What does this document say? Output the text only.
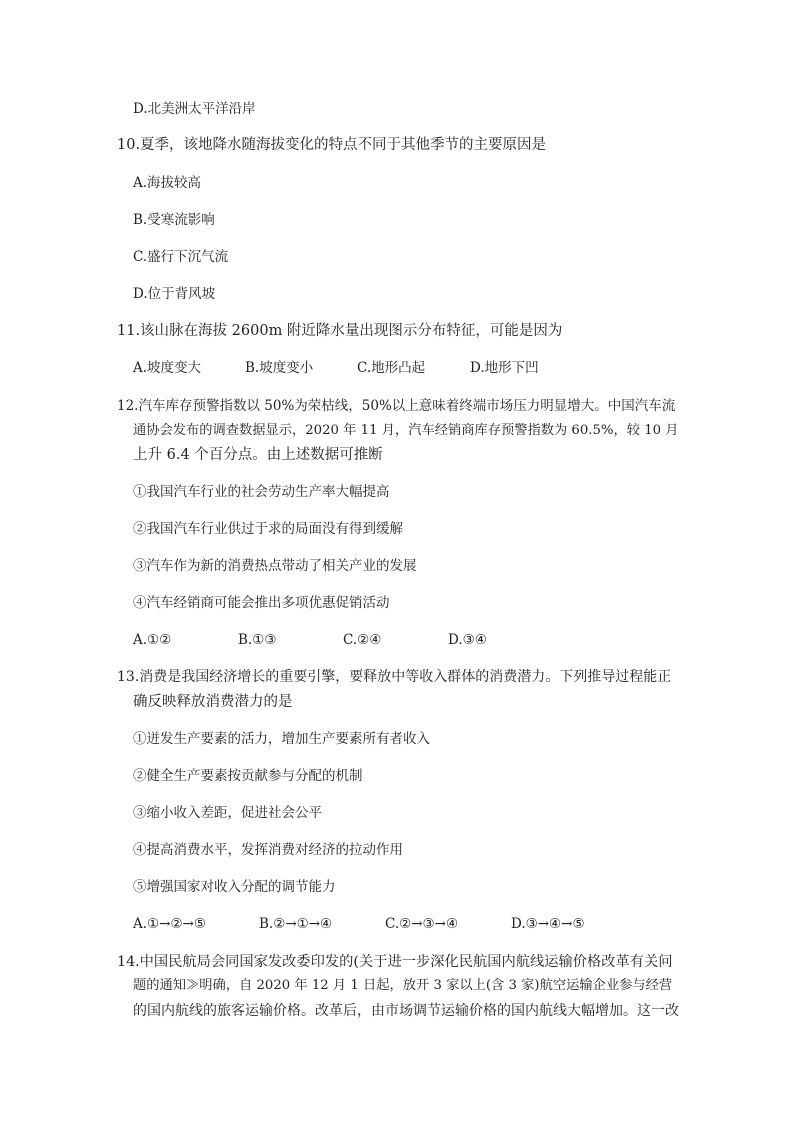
D.北美洲太平洋沿岸
10.夏季，该地降水随海拔变化的特点不同于其他季节的主要原因是
A.海拔较高
B.受寒流影响
C.盛行下沉气流
D.位于背风坡
11.该山脉在海拔 2600m 附近降水量出现图示分布特征，可能是因为
A.坡度变大	B.坡度变小	C.地形凸起	D.地形下凹
12.汽车库存预警指数以 50%为荣枯线，50%以上意味着终端市场压力明显增大。中国汽车流
通协会发布的调查数据显示，2020 年 11 月，汽车经销商库存预警指数为 60.5%，较 10 月
上升 6.4 个百分点。由上述数据可推断
①我国汽车行业的社会劳动生产率大幅提高
②我国汽车行业供过于求的局面没有得到缓解
③汽车作为新的消费热点带动了相关产业的发展
④汽车经销商可能会推出多项优惠促销活动
A.①②	B.①③	C.②④	D.③④
13.消费是我国经济增长的重要引擎，要释放中等收入群体的消费潜力。下列推导过程能正
确反映释放消费潜力的是
①迸发生产要素的活力，增加生产要素所有者收入
②健全生产要素按贡献参与分配的机制
③缩小收入差距，促进社会公平
④提高消费水平，发挥消费对经济的拉动作用
⑤增强国家对收入分配的调节能力
A.①→②→⑤	B.②→①→④	C.②→③→④	D.③→④→⑤
14.中国民航局会同国家发改委印发的(关于进一步深化民航国内航线运输价格改革有关问
题的通知≫明确，自 2020 年 12 月 1 日起，放开 3 家以上(含 3 家)航空运输企业参与经营
的国内航线的旅客运输价格。改革后，由市场调节运输价格的国内航线大幅增加。这一改
